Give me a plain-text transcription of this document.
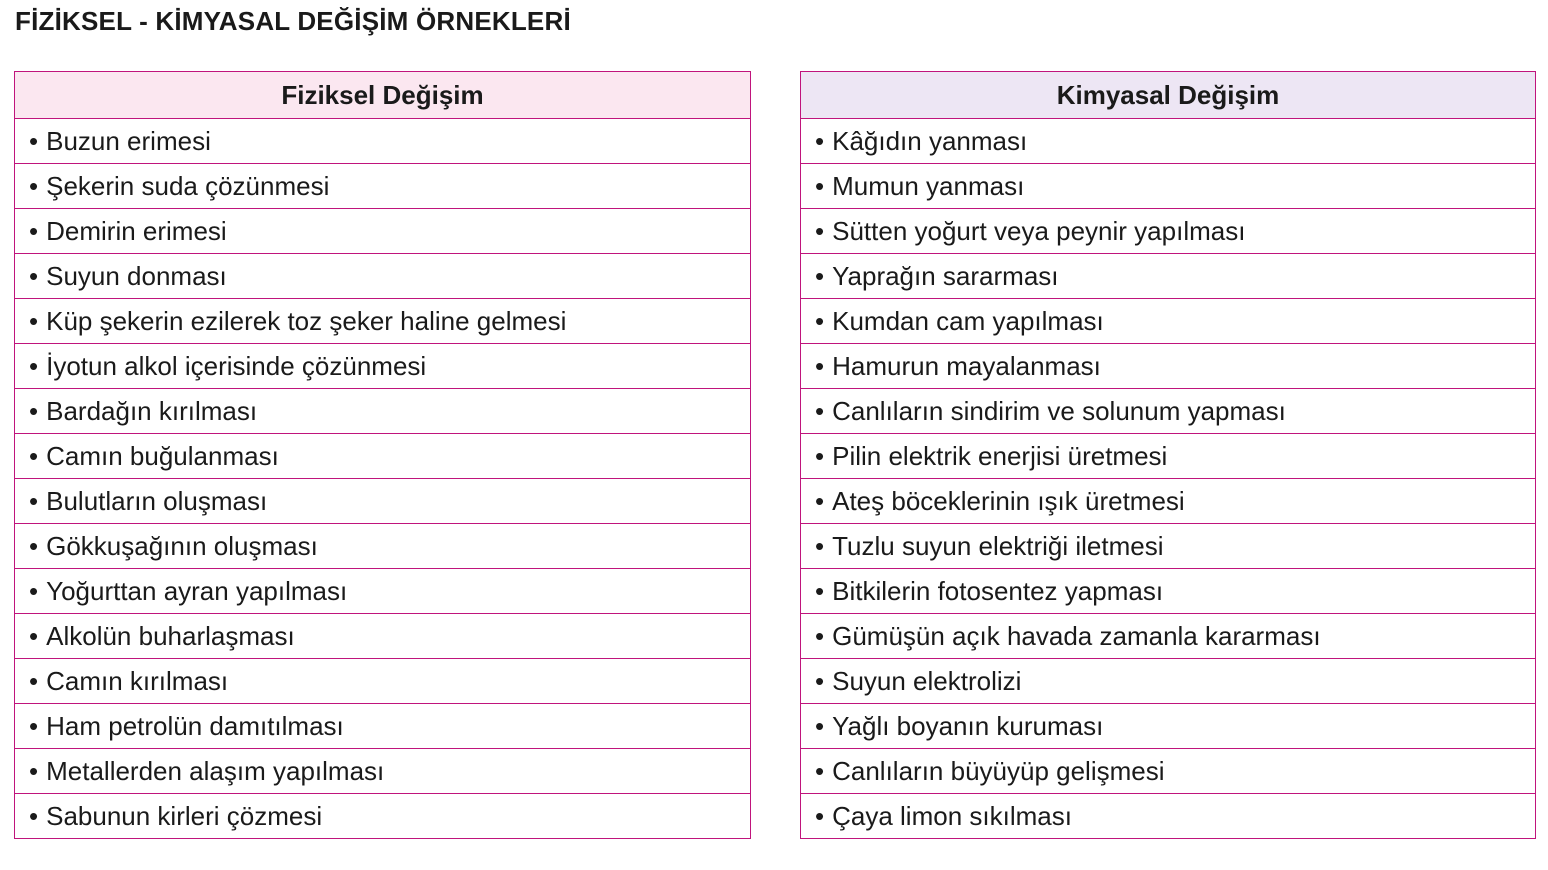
FİZİKSEL - KİMYASAL DEĞİŞİM ÖRNEKLERİ
Fiziksel Değişim
• Buzun erimesi
• Şekerin suda çözünmesi
• Demirin erimesi
• Suyun donması
• Küp şekerin ezilerek toz şeker haline gelmesi
• İyotun alkol içerisinde çözünmesi
• Bardağın kırılması
• Camın buğulanması
• Bulutların oluşması
• Gökkuşağının oluşması
• Yoğurttan ayran yapılması
• Alkolün buharlaşması
• Camın kırılması
• Ham petrolün damıtılması
• Metallerden alaşım yapılması
• Sabunun kirleri çözmesi
Kimyasal Değişim
• Kâğıdın yanması
• Mumun yanması
• Sütten yoğurt veya peynir yapılması
• Yaprağın sararması
• Kumdan cam yapılması
• Hamurun mayalanması
• Canlıların sindirim ve solunum yapması
• Pilin elektrik enerjisi üretmesi
• Ateş böceklerinin ışık üretmesi
• Tuzlu suyun elektriği iletmesi
• Bitkilerin fotosentez yapması
• Gümüşün açık havada zamanla kararması
• Suyun elektrolizi
• Yağlı boyanın kuruması
• Canlıların büyüyüp gelişmesi
• Çaya limon sıkılması
